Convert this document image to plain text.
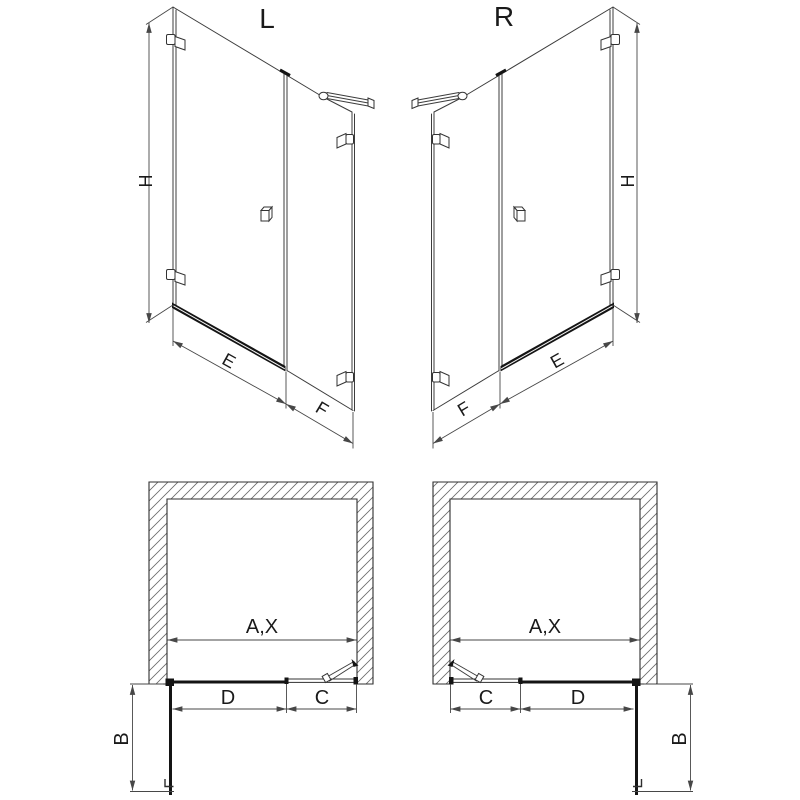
L
H
E
F
R
H
E
F
A,X
B
D	C
A,X
B
C	D
